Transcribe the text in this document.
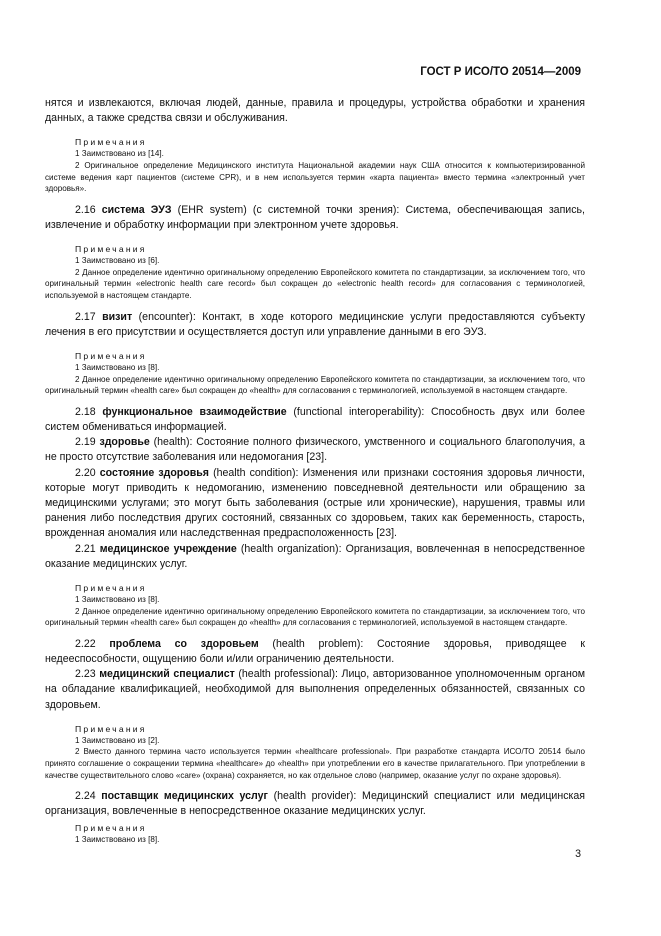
ГОСТ Р ИСО/ТО 20514—2009

нятся и извлекаются, включая людей, данные, правила и процедуры, устройства обработки и хранения данных, а также средства связи и обслуживания.

Примечания

1 Заимствовано из [14].

2 Оригинальное определение Медицинского института Национальной академии наук США относится к компьютеризированной системе ведения карт пациентов (системе CPR), и в нем используется термин «карта пациента» вместо термина «электронный учет здоровья».

2.16 система ЭУЗ (EHR system) (с системной точки зрения): Система, обеспечивающая запись, извлечение и обработку информации при электронном учете здоровья.

Примечания

1 Заимствовано из [6].

2 Данное определение идентично оригинальному определению Европейского комитета по стандартизации, за исключением того, что оригинальный термин «electronic health care record» был сокращен до «electronic health record» для согласования с терминологией, используемой в настоящем стандарте.

2.17 визит (encounter): Контакт, в ходе которого медицинские услуги предоставляются субъекту лечения в его присутствии и осуществляется доступ или управление данными в его ЭУЗ.

Примечания

1 Заимствовано из [8].

2 Данное определение идентично оригинальному определению Европейского комитета по стандартизации, за исключением того, что оригинальный термин «health care» был сокращен до «health» для согласования с терминологией, используемой в настоящем стандарте.

2.18 функциональное взаимодействие (functional interoperability): Способность двух или более систем обмениваться информацией.

2.19 здоровье (health): Состояние полного физического, умственного и социального благополучия, а не просто отсутствие заболевания или недомогания [23].

2.20 состояние здоровья (health condition): Изменения или признаки состояния здоровья личности, которые могут приводить к недомоганию, изменению повседневной деятельности или обращению за медицинскими услугами; это могут быть заболевания (острые или хронические), нарушения, травмы или ранения либо последствия других состояний, связанных со здоровьем, таких как беременность, старость, врожденная аномалия или наследственная предрасположенность [23].

2.21 медицинское учреждение (health organization): Организация, вовлеченная в непосредственное оказание медицинских услуг.

Примечания

1 Заимствовано из [8].

2 Данное определение идентично оригинальному определению Европейского комитета по стандартизации, за исключением того, что оригинальный термин «health care» был сокращен до «health» для согласования с терминологией, используемой в настоящем стандарте.

2.22 проблема со здоровьем (health problem): Состояние здоровья, приводящее к недееспособности, ощущению боли и/или ограничению деятельности.

2.23 медицинский специалист (health professional): Лицо, авторизованное уполномоченным органом на обладание квалификацией, необходимой для выполнения определенных обязанностей, связанных со здоровьем.

Примечания

1 Заимствовано из [2].

2 Вместо данного термина часто используется термин «healthcare professional». При разработке стандарта ИСО/ТО 20514 было принято соглашение о сокращении термина «healthcare» до «health» при употреблении его в качестве прилагательного. При употреблении в качестве существительного слово «care» (охрана) сохраняется, но как отдельное слово (например, оказание услуг по охране здоровья).

2.24 поставщик медицинских услуг (health provider): Медицинский специалист или медицинская организация, вовлеченные в непосредственное оказание медицинских услуг.

Примечания

1 Заимствовано из [8].

3
